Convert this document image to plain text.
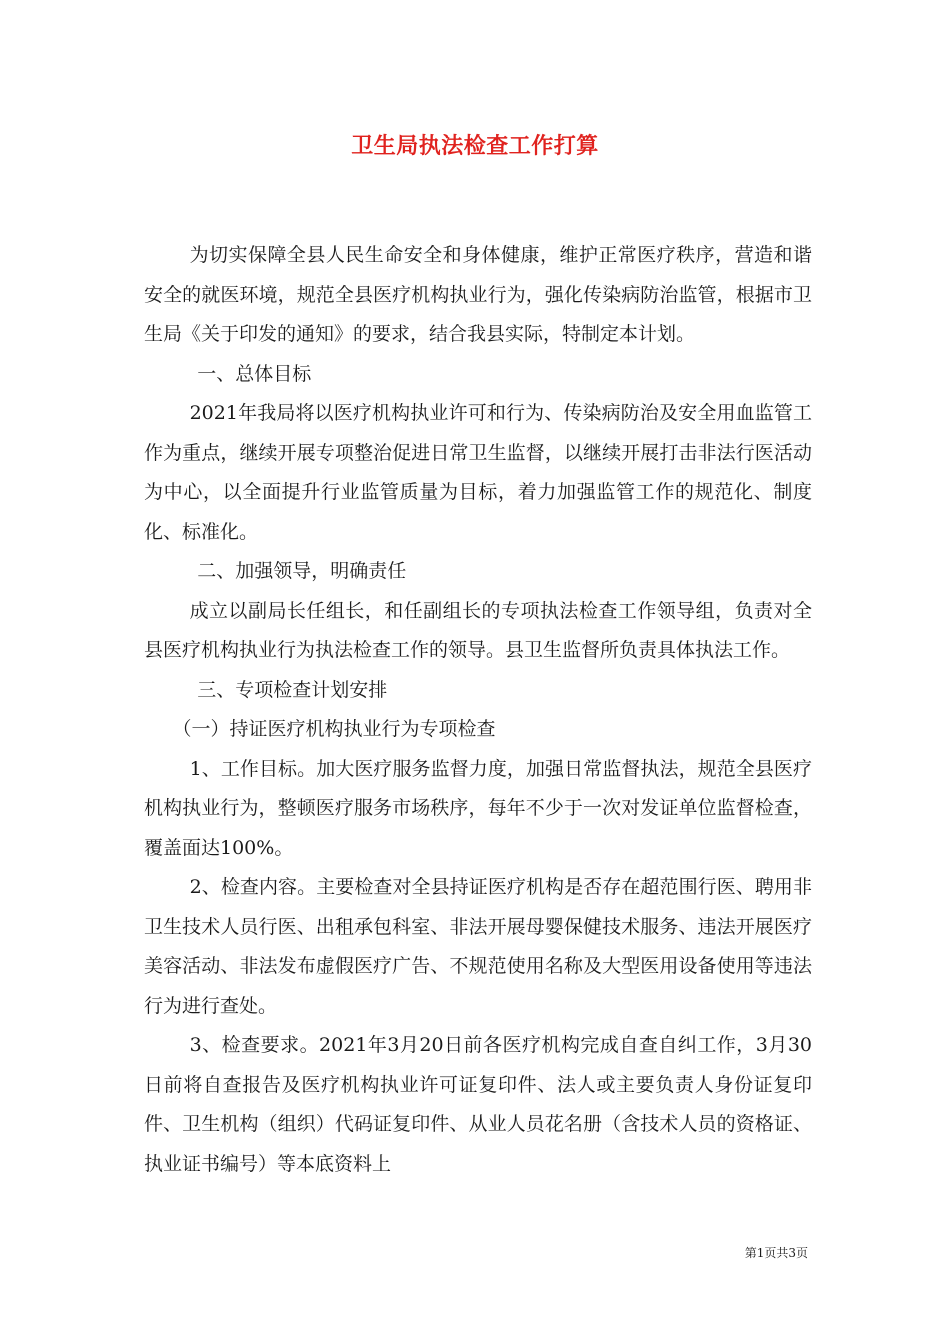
卫生局执法检查工作打算

为切实保障全县人民生命安全和身体健康，维护正常医疗秩序，营造和谐安全的就医环境，规范全县医疗机构执业行为，强化传染病防治监管，根据市卫生局《关于印发的通知》的要求，结合我县实际，特制定本计划。

一、总体目标

2021年我局将以医疗机构执业许可和行为、传染病防治及安全用血监管工作为重点，继续开展专项整治促进日常卫生监督，以继续开展打击非法行医活动为中心，以全面提升行业监管质量为目标，着力加强监管工作的规范化、制度化、标准化。

二、加强领导，明确责任

成立以副局长任组长，和任副组长的专项执法检查工作领导组，负责对全县医疗机构执业行为执法检查工作的领导。县卫生监督所负责具体执法工作。

三、专项检查计划安排

（一）持证医疗机构执业行为专项检查

1、工作目标。加大医疗服务监督力度，加强日常监督执法，规范全县医疗机构执业行为，整顿医疗服务市场秩序，每年不少于一次对发证单位监督检查，覆盖面达100%。

2、检查内容。主要检查对全县持证医疗机构是否存在超范围行医、聘用非卫生技术人员行医、出租承包科室、非法开展母婴保健技术服务、违法开展医疗美容活动、非法发布虚假医疗广告、不规范使用名称及大型医用设备使用等违法行为进行查处。

3、检查要求。2021年3月20日前各医疗机构完成自查自纠工作，3月30日前将自查报告及医疗机构执业许可证复印件、法人或主要负责人身份证复印件、卫生机构（组织）代码证复印件、从业人员花名册（含技术人员的资格证、执业证书编号）等本底资料上

第1页共3页
